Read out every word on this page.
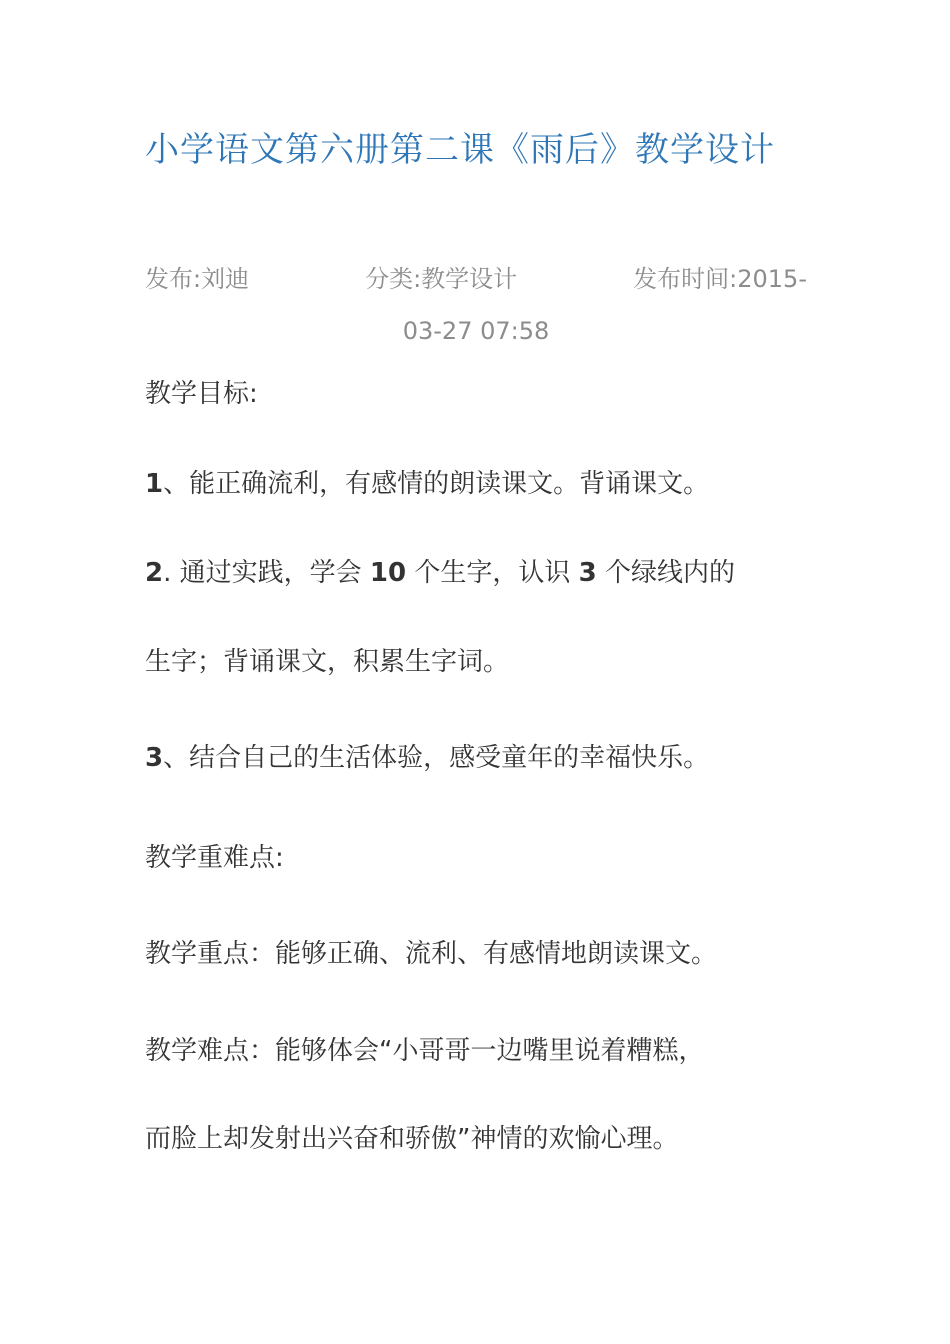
小学语文第六册第二课《雨后》教学设计
发布:刘迪	分类:教学设计	发布时间:2015-
03-27 07:58

教学目标:

1、能正确流利，有感情的朗读课文。背诵课文。

2. 通过实践，学会 10 个生字，认识 3 个绿线内的

生字；背诵课文，积累生字词。

3、结合自己的生活体验，感受童年的幸福快乐。

教学重难点:

教学重点：能够正确、流利、有感情地朗读课文。

教学难点：能够体会“小哥哥一边嘴里说着糟糕，

而脸上却发射出兴奋和骄傲”神情的欢愉心理。
